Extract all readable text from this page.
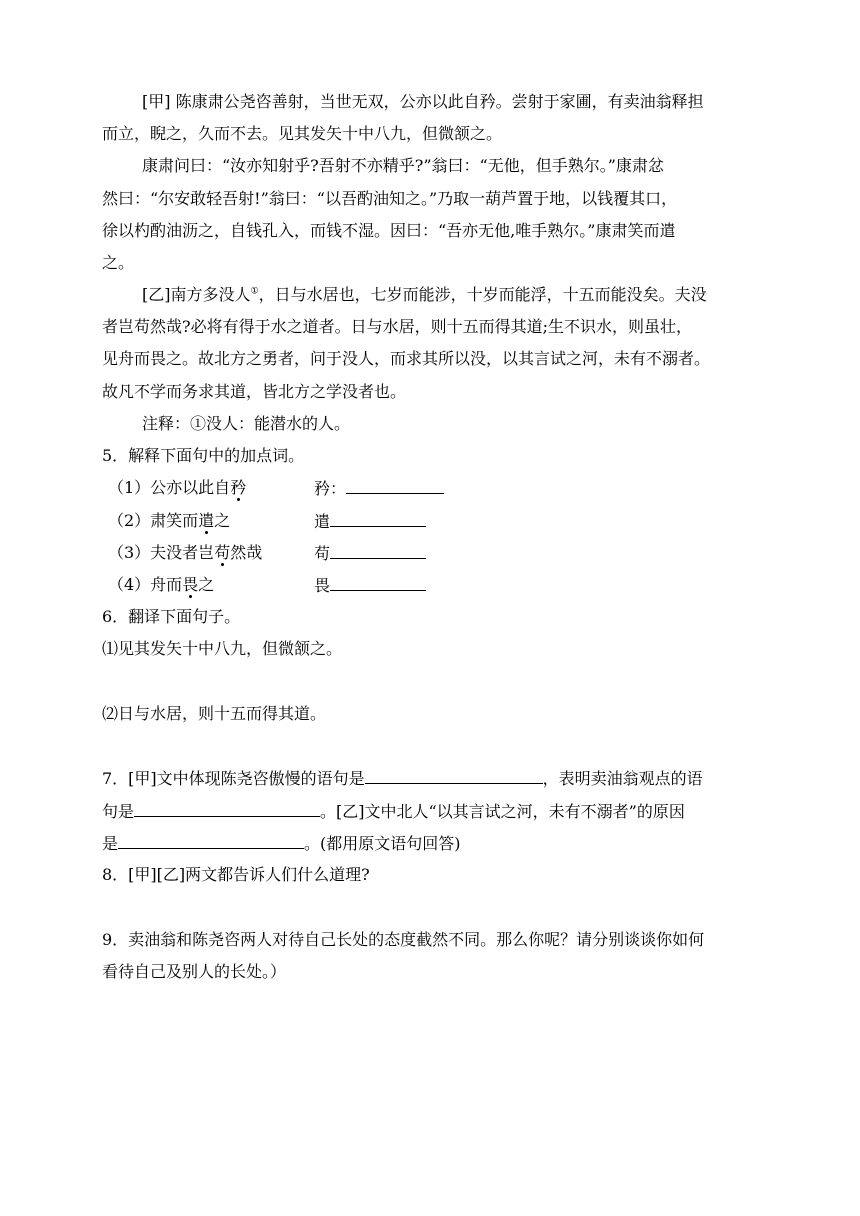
[甲] 陈康肃公尧咨善射，当世无双，公亦以此自矜。尝射于家圃，有卖油翁释担
而立，睨之，久而不去。见其发矢十中八九，但微颔之。
康肃问曰：“汝亦知射乎?吾射不亦精乎?”翁曰：“无他，但手熟尔。”康肃忿
然曰：“尔安敢轻吾射!”翁曰：“以吾酌油知之。”乃取一葫芦置于地，以钱覆其口，
徐以杓酌油沥之，自钱孔入，而钱不湿。因曰：“吾亦无他,唯手熟尔。”康肃笑而遣
之。
[乙]南方多没人①，日与水居也，七岁而能涉，十岁而能浮，十五而能没矣。夫没
者岂苟然哉?必将有得于水之道者。日与水居，则十五而得其道;生不识水，则虽壮，
见舟而畏之。故北方之勇者，问于没人，而求其所以没，以其言试之河，未有不溺者。
故凡不学而务求其道，皆北方之学没者也。
注释：①没人：能潜水的人。
5．解释下面句中的加点词。
（1）公亦以此自矜	矜：
（2）肃笑而遣之	遣
（3）夫没者岂苟然哉	苟
（4）舟而畏之	畏
6．翻译下面句子。
⑴见其发矢十中八九，但微颔之。
⑵日与水居，则十五而得其道。
7．[甲]文中体现陈尧咨傲慢的语句是	，表明卖油翁观点的语
句是	。[乙]文中北人“以其言试之河，未有不溺者”的原因
是	。(都用原文语句回答)
8．[甲][乙]两文都告诉人们什么道理?
9．卖油翁和陈尧咨两人对待自己长处的态度截然不同。那么你呢？请分别谈谈你如何
看待自己及别人的长处。）
